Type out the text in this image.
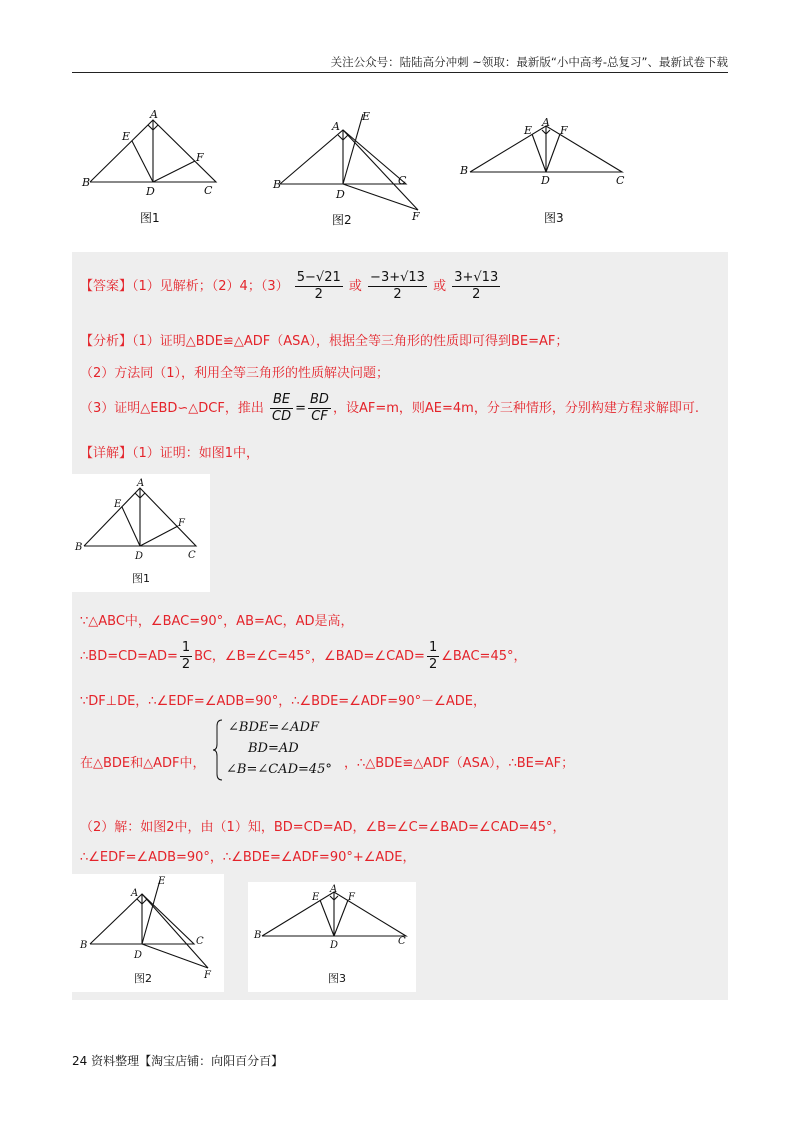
关注公众号：陆陆高分冲刺 ~领取：最新版“小中高考-总复习”、最新试卷下载
A
B
C
D
E
F
图1
A
B	C
D
E
F
图2
A
B
C
D
E	F
图3
【答案】（1）见解析；（2）4；$(3) \frac{5-√21}{2}$ 或 $\frac{-3+√13}{2}$ 或 $\frac{3+√13}{2}$
【分析】（1）证明△BDE≌△ADF（ASA），根据全等三角形的性质即可得到BE=AF；
（2）方法同（1），利用全等三角形的性质解决问题；
（3）证明△EBD∽△DCF，推出 $\frac{BE}{CD} = \frac{BD}{CF}$ ，设AF=m，则AE=4m，分三种情形，分别构建方程求解即可.
【详解】（1）证明：如图1中，
A
B
C
D
E
F
图1
∵△ABC中，∠BAC=90°，AB=AC，AD是高，
∴BD=CD=AD= $\frac{1}{2}$ BC，∠B=∠C=45°，∠BAD=∠CAD= $\frac{1}{2}$ ∠BAC=45°，
∵DF⊥DE，∴∠EDF=∠ADB=90°，∴∠BDE=∠ADF=90°－∠ADE，
在△BDE和△ADF中，
∠BDE=∠ADF
BD=AD
∠B=∠CAD=45° ，∴△BDE≌△ADF（ASA），∴BE=AF；
（2）解：如图2中，由（1）知，BD=CD=AD，∠B=∠C=∠BAD=∠CAD=45°，
∴∠EDF=∠ADB=90°，∴∠BDE=∠ADF=90°+∠ADE，
A
B	C
D
E
F
图2
A
B
C
D
E	F
图3
24 资料整理【淘宝店铺：向阳百分百】
